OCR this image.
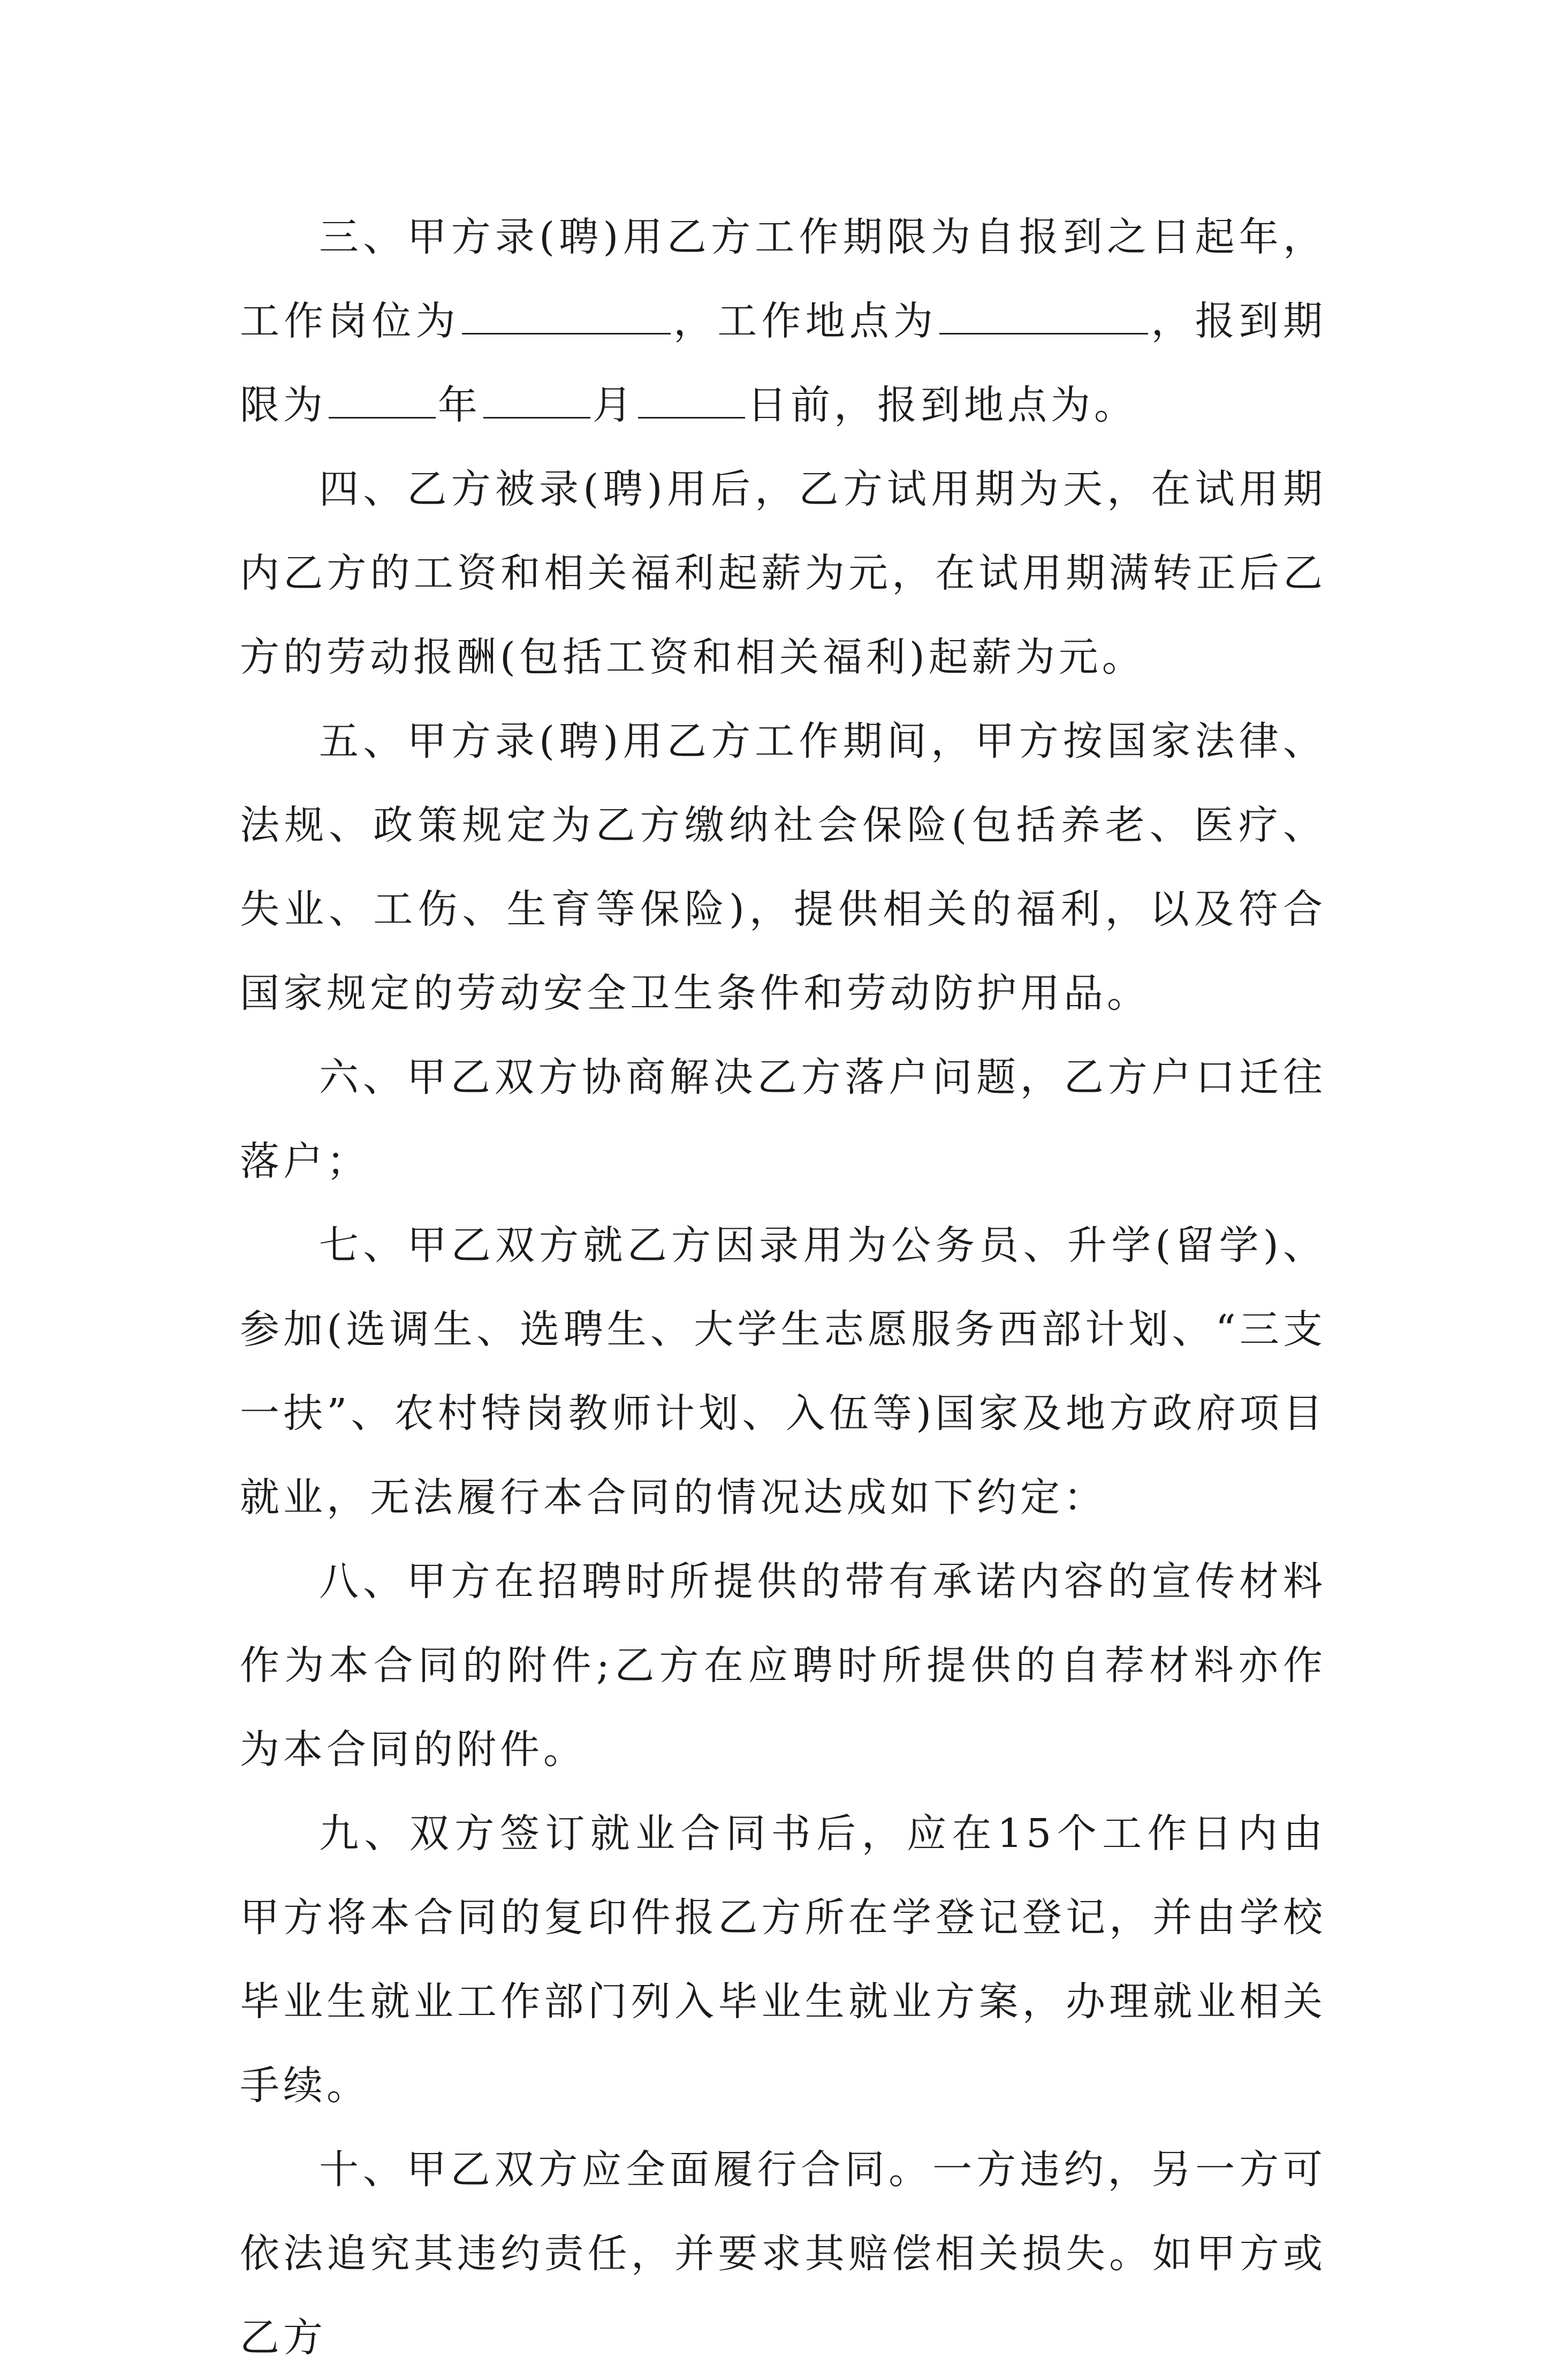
三、甲方录(聘)用乙方工作期限为自报到之日起年，工作岗位为	，工作地点为	，报到期限为	年	月	日前，报到地点为。

四、乙方被录(聘)用后，乙方试用期为天，在试用期内乙方的工资和相关福利起薪为元，在试用期满转正后乙方的劳动报酬(包括工资和相关福利)起薪为元。

五、甲方录(聘)用乙方工作期间，甲方按国家法律、法规、政策规定为乙方缴纳社会保险(包括养老、医疗、失业、工伤、生育等保险)，提供相关的福利，以及符合国家规定的劳动安全卫生条件和劳动防护用品。

六、甲乙双方协商解决乙方落户问题，乙方户口迁往落户；

七、甲乙双方就乙方因录用为公务员、升学(留学)、参加(选调生、选聘生、大学生志愿服务西部计划、“三支一扶”、农村特岗教师计划、入伍等)国家及地方政府项目就业，无法履行本合同的情况达成如下约定：

八、甲方在招聘时所提供的带有承诺内容的宣传材料作为本合同的附件;乙方在应聘时所提供的自荐材料亦作为本合同的附件。

九、双方签订就业合同书后，应在15个工作日内由甲方将本合同的复印件报乙方所在学登记登记，并由学校毕业生就业工作部门列入毕业生就业方案，办理就业相关手续。

十、甲乙双方应全面履行合同。一方违约，另一方可依法追究其违约责任，并要求其赔偿相关损失。如甲方或乙方
